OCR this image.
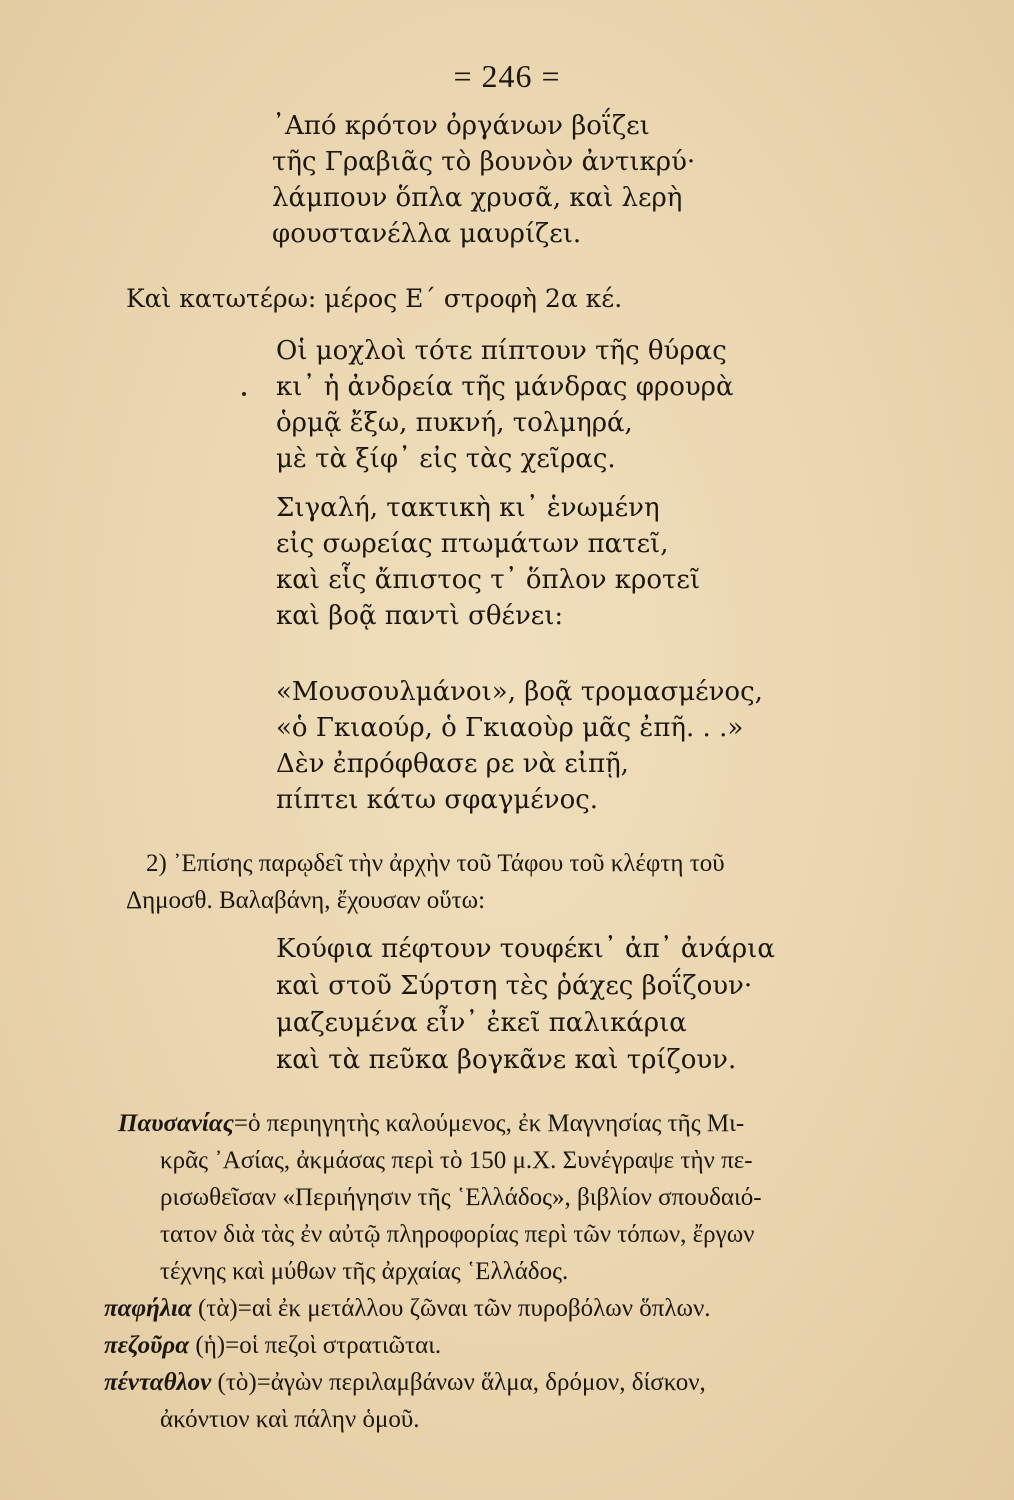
= 246 =
᾿Από κρότον ὀργάνων βοΐζει
τῆς Γραβιᾶς τὸ βουνὸν ἀντικρύ·
λάμπουν ὅπλα χρυσᾶ, καὶ λερὴ
φουστανέλλα μαυρίζει.
Καὶ κατωτέρω: μέρος Ε΄ στροφὴ 2α κέ.
Οἱ μοχλοὶ τότε πίπτουν τῆς θύρας
κι᾿ ἡ ἀνδρεία τῆς μάνδρας φρουρὰ
ὁρμᾷ ἔξω, πυκνή, τολμηρά,
μὲ τὰ ξίφ᾿ εἰς τὰς χεῖρας.
Σιγαλή, τακτικὴ κι᾿ ἑνωμένη
εἰς σωρείας πτωμάτων πατεῖ,
καὶ εἷς ἄπιστος τ᾿ ὅπλον κροτεῖ
καὶ βοᾷ παντὶ σθένει:
«Μουσουλμάνοι», βοᾷ τρομασμένος,
«ὁ Γκιαούρ, ὁ Γκιαοὺρ μᾶς ἐπῆ. . .»
Δὲν ἐπρόφθασε ρε νὰ εἰπῇ,
πίπτει κάτω σφαγμένος.
2) ᾿Επίσης παρῳδεῖ τὴν ἀρχὴν τοῦ Τάφου τοῦ κλέφτη τοῦ
Δημοσθ. Βαλαβάνη, ἔχουσαν οὕτω:
Κούφια πέφτουν τουφέκι᾿ ἀπ᾿ ἀνάρια
καὶ στοῦ Σύρτση τὲς ῥάχες βοΐζουν·
μαζευμένα εἶν᾿ ἐκεῖ παλικάρια
καὶ τὰ πεῦκα βογκᾶνε καὶ τρίζουν.
Παυσανίας=ὁ περιηγητὴς καλούμενος, ἐκ Μαγνησίας τῆς Μι-
κρᾶς ᾿Ασίας, ἀκμάσας περὶ τὸ 150 μ.Χ. Συνέγραψε τὴν πε-
ρισωθεῖσαν «Περιήγησιν τῆς ῾Ελλάδος», βιβλίον σπουδαιό-
τατον διὰ τὰς ἐν αὐτῷ πληροφορίας περὶ τῶν τόπων, ἔργων
τέχνης καὶ μύθων τῆς ἀρχαίας ῾Ελλάδος.
παφήλια (τὰ)=αἱ ἐκ μετάλλου ζῶναι τῶν πυροβόλων ὅπλων.
πεζοῦρα (ἡ)=οἱ πεζοὶ στρατιῶται.
πένταθλον (τὸ)=ἀγὼν περιλαμβάνων ἅλμα, δρόμον, δίσκον,
ἀκόντιον καὶ πάλην ὁμοῦ.
